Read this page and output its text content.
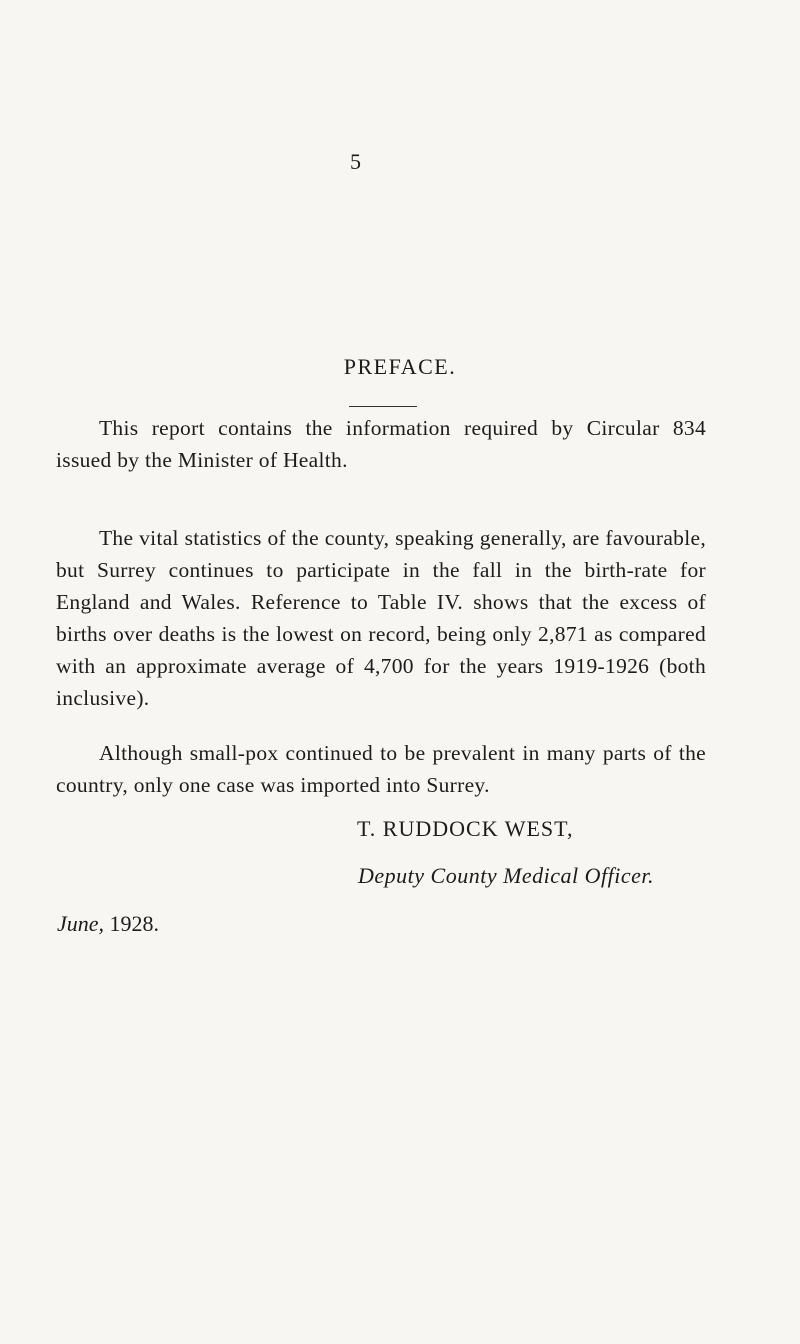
5
PREFACE.

This report contains the information required by Circular 834 issued by the Minister of Health.

The vital statistics of the county, speaking generally, are favourable, but Surrey continues to participate in the fall in the birth-rate for England and Wales. Reference to Table IV. shows that the excess of births over deaths is the lowest on record, being only 2,871 as compared with an approximate average of 4,700 for the years 1919-1926 (both inclusive).

Although small-pox continued to be prevalent in many parts of the country, only one case was imported into Surrey.

T. RUDDOCK WEST,
Deputy County Medical Officer.
June, 1928.
